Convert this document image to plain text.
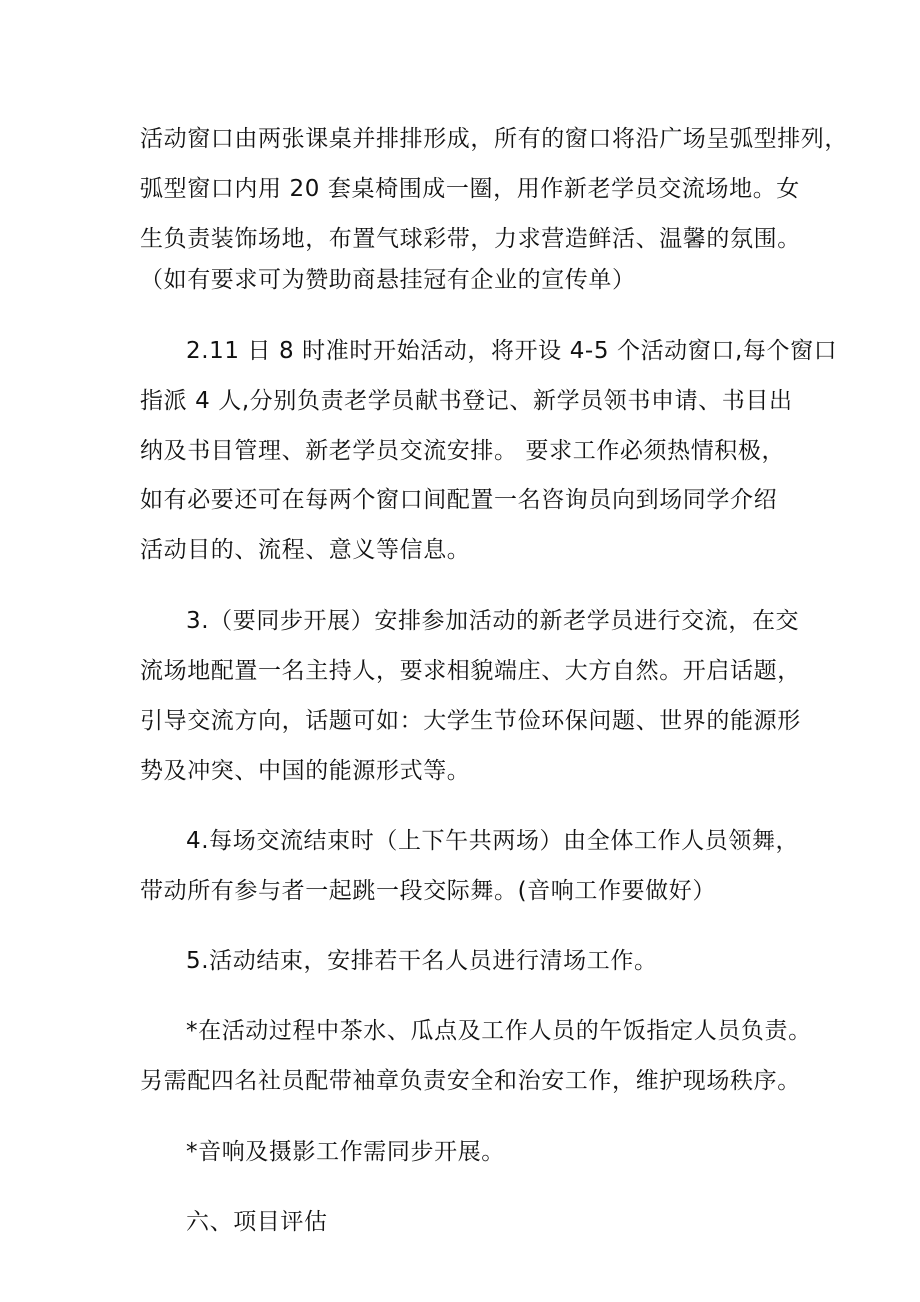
活动窗口由两张课桌并排排形成，所有的窗口将沿广场呈弧型排列，
弧型窗口内用 20 套桌椅围成一圈，用作新老学员交流场地。女
生负责装饰场地，布置气球彩带，力求营造鲜活、温馨的氛围。
（如有要求可为赞助商悬挂冠有企业的宣传单）
2.11 日 8 时准时开始活动，将开设 4-5 个活动窗口,每个窗口
指派 4 人,分别负责老学员献书登记、新学员领书申请、书目出
纳及书目管理、新老学员交流安排。 要求工作必须热情积极，
如有必要还可在每两个窗口间配置一名咨询员向到场同学介绍
活动目的、流程、意义等信息。
3.（要同步开展）安排参加活动的新老学员进行交流，在交
流场地配置一名主持人，要求相貌端庄、大方自然。开启话题，
引导交流方向，话题可如：大学生节俭环保问题、世界的能源形
势及冲突、中国的能源形式等。
4.每场交流结束时（上下午共两场）由全体工作人员领舞，
带动所有参与者一起跳一段交际舞。(音响工作要做好）
5.活动结束，安排若干名人员进行清场工作。
*在活动过程中茶水、瓜点及工作人员的午饭指定人员负责。
另需配四名社员配带袖章负责安全和治安工作，维护现场秩序。
*音响及摄影工作需同步开展。
六、项目评估
